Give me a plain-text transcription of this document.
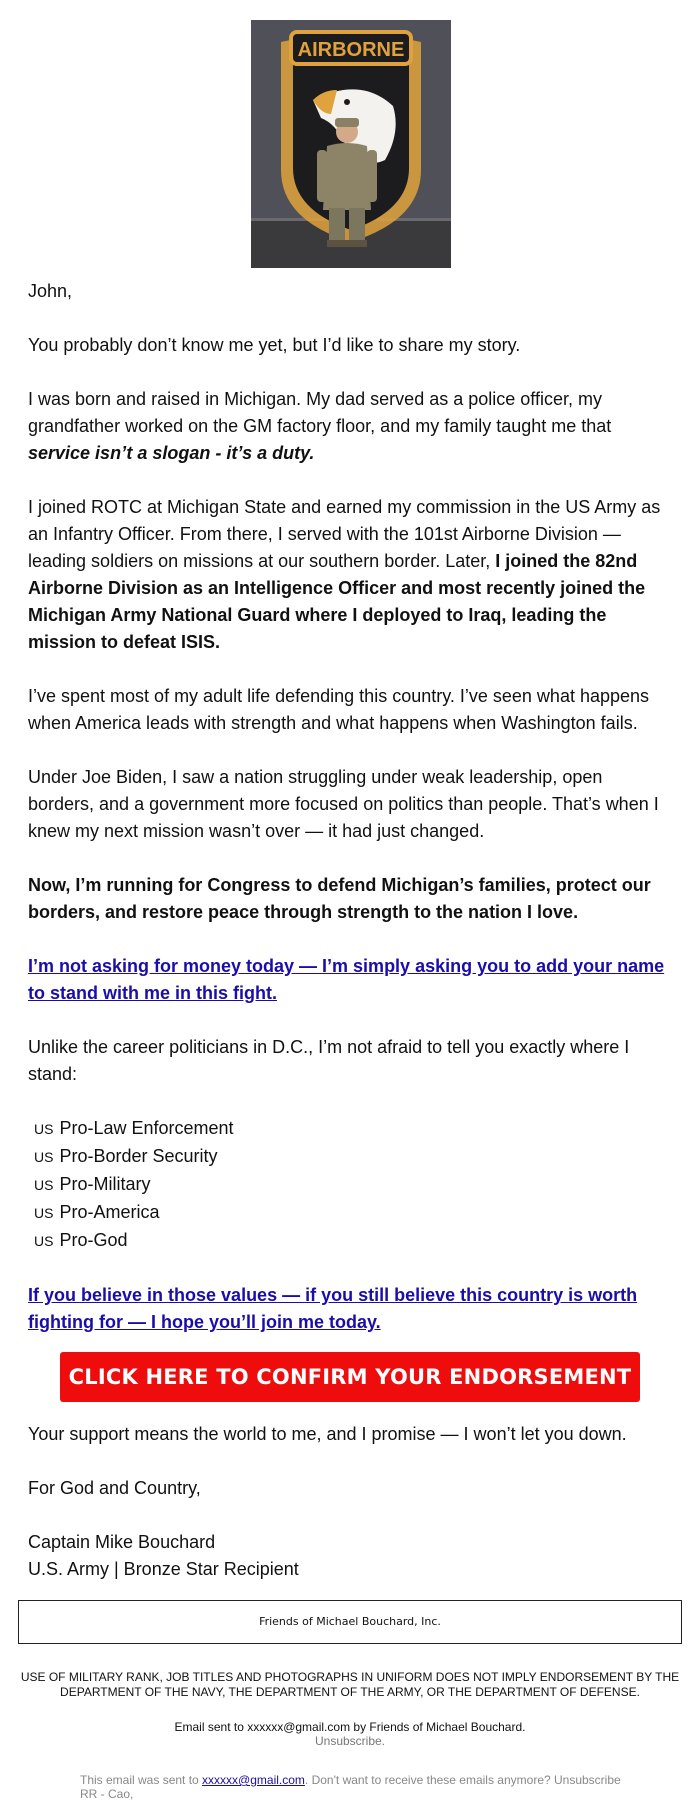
AIRBORNE

John,

You probably don’t know me yet, but I’d like to share my story.

I was born and raised in Michigan. My dad served as a police officer, my grandfather worked on the GM factory floor, and my family taught me that service isn’t a slogan - it’s a duty.

I joined ROTC at Michigan State and earned my commission in the US Army as an Infantry Officer. From there, I served with the 101st Airborne Division — leading soldiers on missions at our southern border. Later, I joined the 82nd Airborne Division as an Intelligence Officer and most recently joined the Michigan Army National Guard where I deployed to Iraq, leading the mission to defeat ISIS.

I’ve spent most of my adult life defending this country. I’ve seen what happens when America leads with strength and what happens when Washington fails.

Under Joe Biden, I saw a nation struggling under weak leadership, open borders, and a government more focused on politics than people. That’s when I knew my next mission wasn’t over — it had just changed.

Now, I’m running for Congress to defend Michigan’s families, protect our borders, and restore peace through strength to the nation I love.

I’m not asking for money today — I’m simply asking you to add your name to stand with me in this fight.

Unlike the career politicians in D.C., I’m not afraid to tell you exactly where I stand:

US Pro-Law Enforcement
US Pro-Border Security
US Pro-Military
US Pro-America
US Pro-God

If you believe in those values — if you still believe this country is worth fighting for — I hope you’ll join me today.

CLICK HERE TO CONFIRM YOUR ENDORSEMENT

Your support means the world to me, and I promise — I won’t let you down.

For God and Country,

Captain Mike Bouchard
U.S. Army | Bronze Star Recipient

Friends of Michael Bouchard, Inc.
USE OF MILITARY RANK, JOB TITLES AND PHOTOGRAPHS IN UNIFORM DOES NOT IMPLY ENDORSEMENT BY THE DEPARTMENT OF THE NAVY, THE DEPARTMENT OF THE ARMY, OR THE DEPARTMENT OF DEFENSE.
Email sent to xxxxxx@gmail.com by Friends of Michael Bouchard.
Unsubscribe.
This email was sent to xxxxxx@gmail.com. Don't want to receive these emails anymore? Unsubscribe
RR - Cao,
